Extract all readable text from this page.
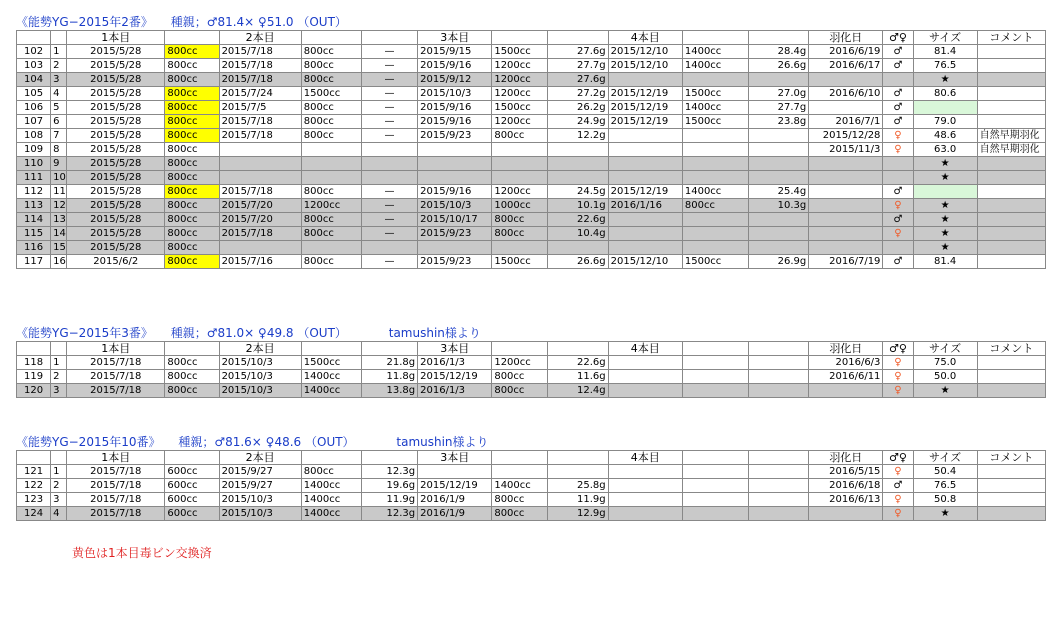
《能勢YG−2015年2番》 種親；♂81.4× ♀51.0 （OUT）
		1本目		2本目			3本目			4本目			羽化日	♂♀	サイズ	コメント
102	1	2015/5/28	800cc	2015/7/18	800cc	—	2015/9/15	1500cc	27.6g	2015/12/10	1400cc	28.4g	2016/6/19	♂	81.4	
103	2	2015/5/28	800cc	2015/7/18	800cc	—	2015/9/16	1200cc	27.7g	2015/12/10	1400cc	26.6g	2016/6/17	♂	76.5	
104	3	2015/5/28	800cc	2015/7/18	800cc	—	2015/9/12	1200cc	27.6g						★	
105	4	2015/5/28	800cc	2015/7/24	1500cc	—	2015/10/3	1200cc	27.2g	2015/12/19	1500cc	27.0g	2016/6/10	♂	80.6	
106	5	2015/5/28	800cc	2015/7/5	800cc	—	2015/9/16	1500cc	26.2g	2015/12/19	1400cc	27.7g		♂		
107	6	2015/5/28	800cc	2015/7/18	800cc	—	2015/9/16	1200cc	24.9g	2015/12/19	1500cc	23.8g	2016/7/1	♂	79.0	
108	7	2015/5/28	800cc	2015/7/18	800cc	—	2015/9/23	800cc	12.2g				2015/12/28	♀	48.6	自然早期羽化
109	8	2015/5/28	800cc										2015/11/3	♀	63.0	自然早期羽化
110	9	2015/5/28	800cc												★	
111	10	2015/5/28	800cc												★	
112	11	2015/5/28	800cc	2015/7/18	800cc	—	2015/9/16	1200cc	24.5g	2015/12/19	1400cc	25.4g		♂		
113	12	2015/5/28	800cc	2015/7/20	1200cc	—	2015/10/3	1000cc	10.1g	2016/1/16	800cc	10.3g		♀	★	
114	13	2015/5/28	800cc	2015/7/20	800cc	—	2015/10/17	800cc	22.6g					♂	★	
115	14	2015/5/28	800cc	2015/7/18	800cc	—	2015/9/23	800cc	10.4g					♀	★	
116	15	2015/5/28	800cc												★	
117	16	2015/6/2	800cc	2015/7/16	800cc	—	2015/9/23	1500cc	26.6g	2015/12/10	1500cc	26.9g	2016/7/19	♂	81.4	
《能勢YG−2015年3番》 種親；♂81.0× ♀49.8 （OUT）	tamushin様より
		1本目		2本目			3本目			4本目			羽化日	♂♀	サイズ	コメント
118	1	2015/7/18	800cc	2015/10/3	1500cc	21.8g	2016/1/3	1200cc	22.6g				2016/6/3	♀	75.0	
119	2	2015/7/18	800cc	2015/10/3	1400cc	11.8g	2015/12/19	800cc	11.6g				2016/6/11	♀	50.0	
120	3	2015/7/18	800cc	2015/10/3	1400cc	13.8g	2016/1/3	800cc	12.4g					♀	★	
《能勢YG−2015年10番》 種親；♂81.6× ♀48.6 （OUT）	tamushin様より
		1本目		2本目			3本目			4本目			羽化日	♂♀	サイズ	コメント
121	1	2015/7/18	600cc	2015/9/27	800cc	12.3g							2016/5/15	♀	50.4	
122	2	2015/7/18	600cc	2015/9/27	1400cc	19.6g	2015/12/19	1400cc	25.8g				2016/6/18	♂	76.5	
123	3	2015/7/18	600cc	2015/10/3	1400cc	11.9g	2016/1/9	800cc	11.9g				2016/6/13	♀	50.8	
124	4	2015/7/18	600cc	2015/10/3	1400cc	12.3g	2016/1/9	800cc	12.9g					♀	★	
黄色は1本目毒ビン交換済
